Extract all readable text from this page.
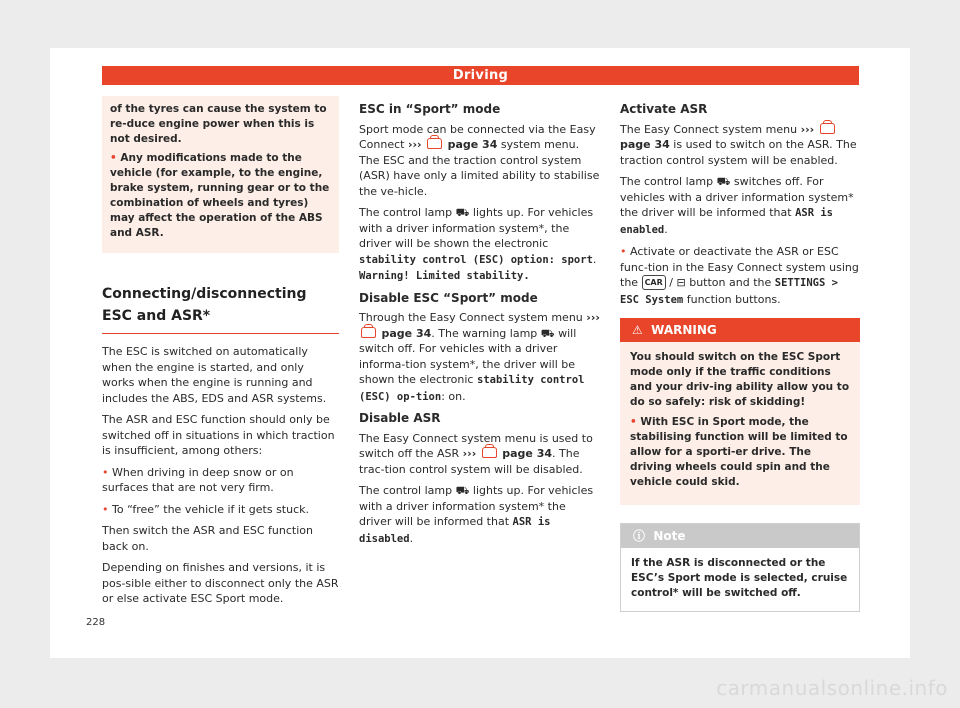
Driving

of the tyres can cause the system to re-duce engine power when this is not desired.

• Any modifications made to the vehicle (for example, to the engine, brake system, running gear or to the combination of wheels and tyres) may affect the operation of the ABS and ASR.

Connecting/disconnecting ESC and ASR*

The ESC is switched on automatically when the engine is started, and only works when the engine is running and includes the ABS, EDS and ASR systems.

The ASR and ESC function should only be switched off in situations in which traction is insufficient, among others:

• When driving in deep snow or on surfaces that are not very firm.

• To “free” the vehicle if it gets stuck.

Then switch the ASR and ESC function back on.

Depending on finishes and versions, it is pos-sible either to disconnect only the ASR or else activate ESC Sport mode.

ESC in “Sport” mode

Sport mode can be connected via the Easy Connect ››› page 34 system menu. The ESC and the traction control system (ASR) have only a limited ability to stabilise the ve-hicle.

The control lamp ⛟ lights up. For vehicles with a driver information system*, the driver will be shown the electronic stability control (ESC) option: sport. Warning! Limited stability.

Disable ESC “Sport” mode

Through the Easy Connect system menu ›››  page 34. The warning lamp ⛟ will switch off. For vehicles with a driver informa-tion system*, the driver will be shown the electronic stability control (ESC) op-tion: on.

Disable ASR

The Easy Connect system menu is used to switch off the ASR ››› page 34. The trac-tion control system will be disabled.

The control lamp ⛟ lights up. For vehicles with a driver information system* the driver will be informed that ASR is disabled.

Activate ASR

The Easy Connect system menu ›››  page 34 is used to switch on the ASR. The traction control system will be enabled.

The control lamp ⛟ switches off. For vehicles with a driver information system* the driver will be informed that ASR is enabled.

• Activate or deactivate the ASR or ESC func-tion in the Easy Connect system using the CAR / ⊟ button and the SETTINGS > ESC System function buttons.

⚠ WARNING

You should switch on the ESC Sport mode only if the traffic conditions and your driv-ing ability allow you to do so safely: risk of skidding!

• With ESC in Sport mode, the stabilising function will be limited to allow for a sporti-er drive. The driving wheels could spin and the vehicle could skid.

ⓘ Note
If the ASR is disconnected or the ESC’s Sport mode is selected, cruise control* will be switched off.
228
carmanualsonline.info
